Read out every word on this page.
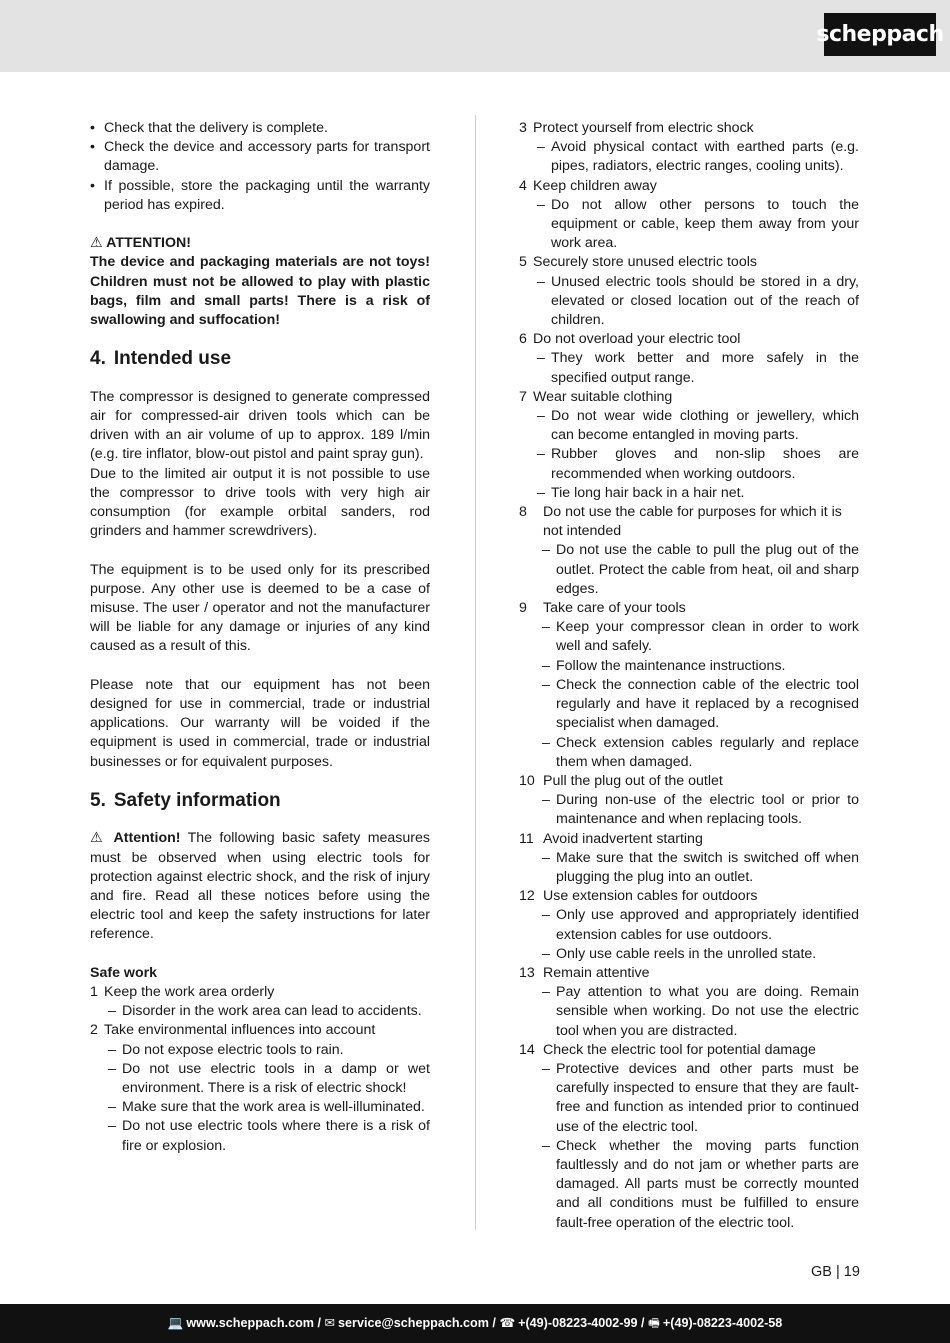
scheppach
• Check that the delivery is complete.
• Check the device and accessory parts for transport damage.
• If possible, store the packaging until the warranty period has expired.
⚠ ATTENTION!
The device and packaging materials are not toys! Children must not be allowed to play with plastic bags, film and small parts! There is a risk of swallowing and suffocation!
4. Intended use
The compressor is designed to generate compressed air for compressed-air driven tools which can be driven with an air volume of up to approx. 189 l/min (e.g. tire inflator, blow-out pistol and paint spray gun).
Due to the limited air output it is not possible to use the compressor to drive tools with very high air consumption (for example orbital sanders, rod grinders and hammer screwdrivers).
The equipment is to be used only for its prescribed purpose. Any other use is deemed to be a case of misuse. The user / operator and not the manufacturer will be liable for any damage or injuries of any kind caused as a result of this.
Please note that our equipment has not been designed for use in commercial, trade or industrial applications. Our warranty will be voided if the equipment is used in commercial, trade or industrial businesses or for equivalent purposes.
5. Safety information
⚠ Attention! The following basic safety measures must be observed when using electric tools for protection against electric shock, and the risk of injury and fire. Read all these notices before using the electric tool and keep the safety instructions for later reference.
Safe work
1 Keep the work area orderly
– Disorder in the work area can lead to accidents.
2 Take environmental influences into account
– Do not expose electric tools to rain.
– Do not use electric tools in a damp or wet environment. There is a risk of electric shock!
– Make sure that the work area is well-illuminated.
– Do not use electric tools where there is a risk of fire or explosion.
3 Protect yourself from electric shock
– Avoid physical contact with earthed parts (e.g. pipes, radiators, electric ranges, cooling units).
4 Keep children away
– Do not allow other persons to touch the equipment or cable, keep them away from your work area.
5 Securely store unused electric tools
– Unused electric tools should be stored in a dry, elevated or closed location out of the reach of children.
6 Do not overload your electric tool
– They work better and more safely in the specified output range.
7 Wear suitable clothing
– Do not wear wide clothing or jewellery, which can become entangled in moving parts.
– Rubber gloves and non-slip shoes are recommended when working outdoors.
– Tie long hair back in a hair net.
8 Do not use the cable for purposes for which it is not intended
– Do not use the cable to pull the plug out of the outlet. Protect the cable from heat, oil and sharp edges.
9 Take care of your tools
– Keep your compressor clean in order to work well and safely.
– Follow the maintenance instructions.
– Check the connection cable of the electric tool regularly and have it replaced by a recognised specialist when damaged.
– Check extension cables regularly and replace them when damaged.
10 Pull the plug out of the outlet
– During non-use of the electric tool or prior to maintenance and when replacing tools.
11 Avoid inadvertent starting
– Make sure that the switch is switched off when plugging the plug into an outlet.
12 Use extension cables for outdoors
– Only use approved and appropriately identified extension cables for use outdoors.
– Only use cable reels in the unrolled state.
13 Remain attentive
– Pay attention to what you are doing. Remain sensible when working. Do not use the electric tool when you are distracted.
14 Check the electric tool for potential damage
– Protective devices and other parts must be carefully inspected to ensure that they are fault-free and function as intended prior to continued use of the electric tool.
– Check whether the moving parts function faultlessly and do not jam or whether parts are damaged. All parts must be correctly mounted and all conditions must be fulfilled to ensure fault-free operation of the electric tool.
GB | 19
💻 www.scheppach.com / ✉ service@scheppach.com / ☎ +(49)-08223-4002-99 / 🖷 +(49)-08223-4002-58
